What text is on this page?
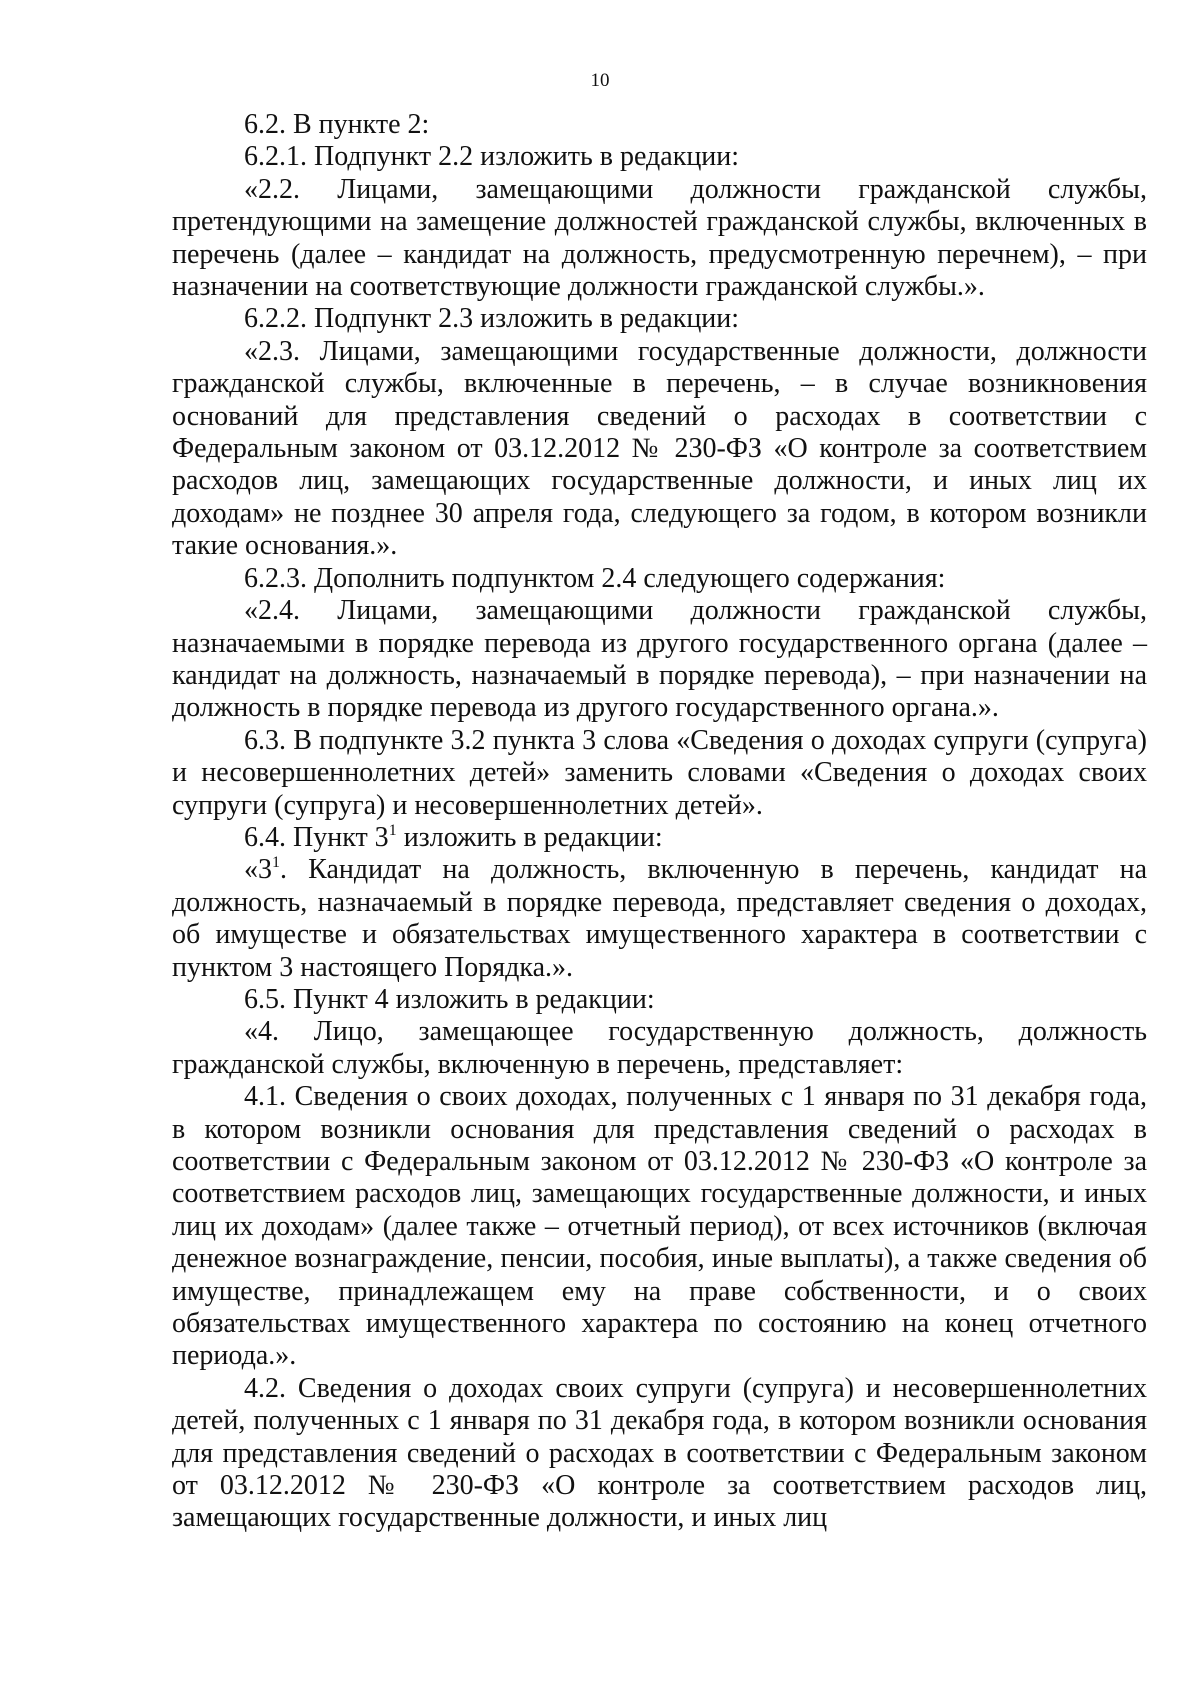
10

6.2. В пункте 2:

6.2.1. Подпункт 2.2 изложить в редакции:

«2.2. Лицами, замещающими должности гражданской службы, претендующими на замещение должностей гражданской службы, включенных в перечень (далее – кандидат на должность, предусмотренную перечнем), – при назначении на соответствующие должности гражданской службы.».

6.2.2. Подпункт 2.3 изложить в редакции:

«2.3. Лицами, замещающими государственные должности, должности гражданской службы, включенные в перечень, – в случае возникновения оснований для представления сведений о расходах в соответствии с Федеральным законом от 03.12.2012 № 230-ФЗ «О контроле за соответствием расходов лиц, замещающих государственные должности, и иных лиц их доходам» не позднее 30 апреля года, следующего за годом, в котором возникли такие основания.».

6.2.3. Дополнить подпунктом 2.4 следующего содержания:

«2.4. Лицами, замещающими должности гражданской службы, назначаемыми в порядке перевода из другого государственного органа (далее – кандидат на должность, назначаемый в порядке перевода), – при назначении на должность в порядке перевода из другого государственного органа.».

6.3. В подпункте 3.2 пункта 3 слова «Сведения о доходах супруги (супруга) и несовершеннолетних детей» заменить словами «Сведения о доходах своих супруги (супруга) и несовершеннолетних детей».

6.4. Пункт $3^1$ изложить в редакции:

«$3^1$. Кандидат на должность, включенную в перечень, кандидат на должность, назначаемый в порядке перевода, представляет сведения о доходах, об имуществе и обязательствах имущественного характера в соответствии с пунктом 3 настоящего Порядка.».

6.5. Пункт 4 изложить в редакции:

«4. Лицо, замещающее государственную должность, должность гражданской службы, включенную в перечень, представляет:

4.1. Сведения о своих доходах, полученных с 1 января по 31 декабря года, в котором возникли основания для представления сведений о расходах в соответствии с Федеральным законом от 03.12.2012 № 230-ФЗ «О контроле за соответствием расходов лиц, замещающих государственные должности, и иных лиц их доходам» (далее также – отчетный период), от всех источников (включая денежное вознаграждение, пенсии, пособия, иные выплаты), а также сведения об имуществе, принадлежащем ему на праве собственности, и о своих обязательствах имущественного характера по состоянию на конец отчетного периода.».

4.2. Сведения о доходах своих супруги (супруга) и несовершеннолетних детей, полученных с 1 января по 31 декабря года, в котором возникли основания для представления сведений о расходах в соответствии с Федеральным законом от 03.12.2012 № 230-ФЗ «О контроле за соответствием расходов лиц, замещающих государственные должности, и иных лиц
